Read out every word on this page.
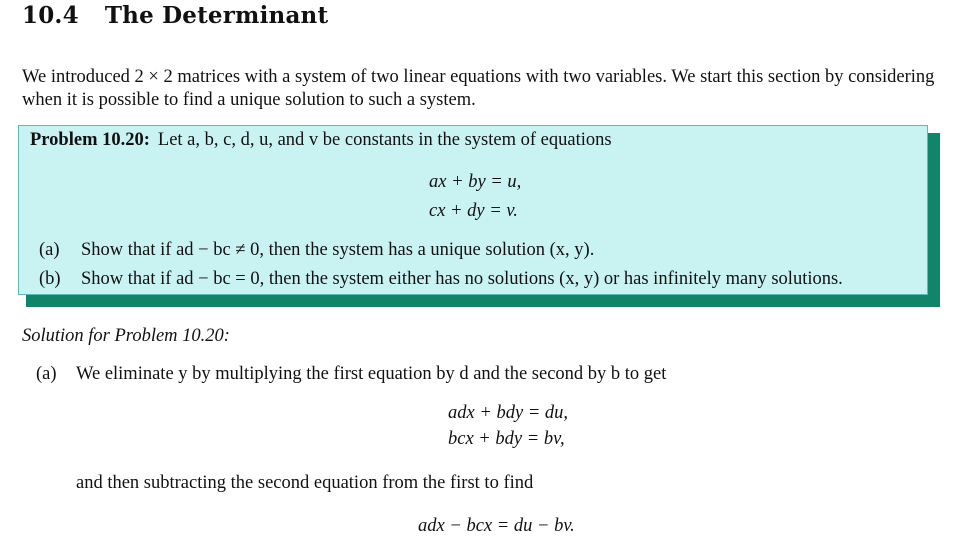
10.4 The Determinant
We introduced 2 × 2 matrices with a system of two linear equations with two variables. We start this section by considering when it is possible to find a unique solution to such a system.
Problem 10.20: Let a, b, c, d, u, and v be constants in the system of equations
ax + by = u,
cx + dy = v.
(a) Show that if ad − bc ≠ 0, then the system has a unique solution (x, y).
(b) Show that if ad − bc = 0, then the system either has no solutions (x, y) or has infinitely many solutions.
Solution for Problem 10.20:
(a) We eliminate y by multiplying the first equation by d and the second by b to get
adx + bdy = du,
bcx + bdy = bv,
and then subtracting the second equation from the first to find
adx − bcx = du − bv.
